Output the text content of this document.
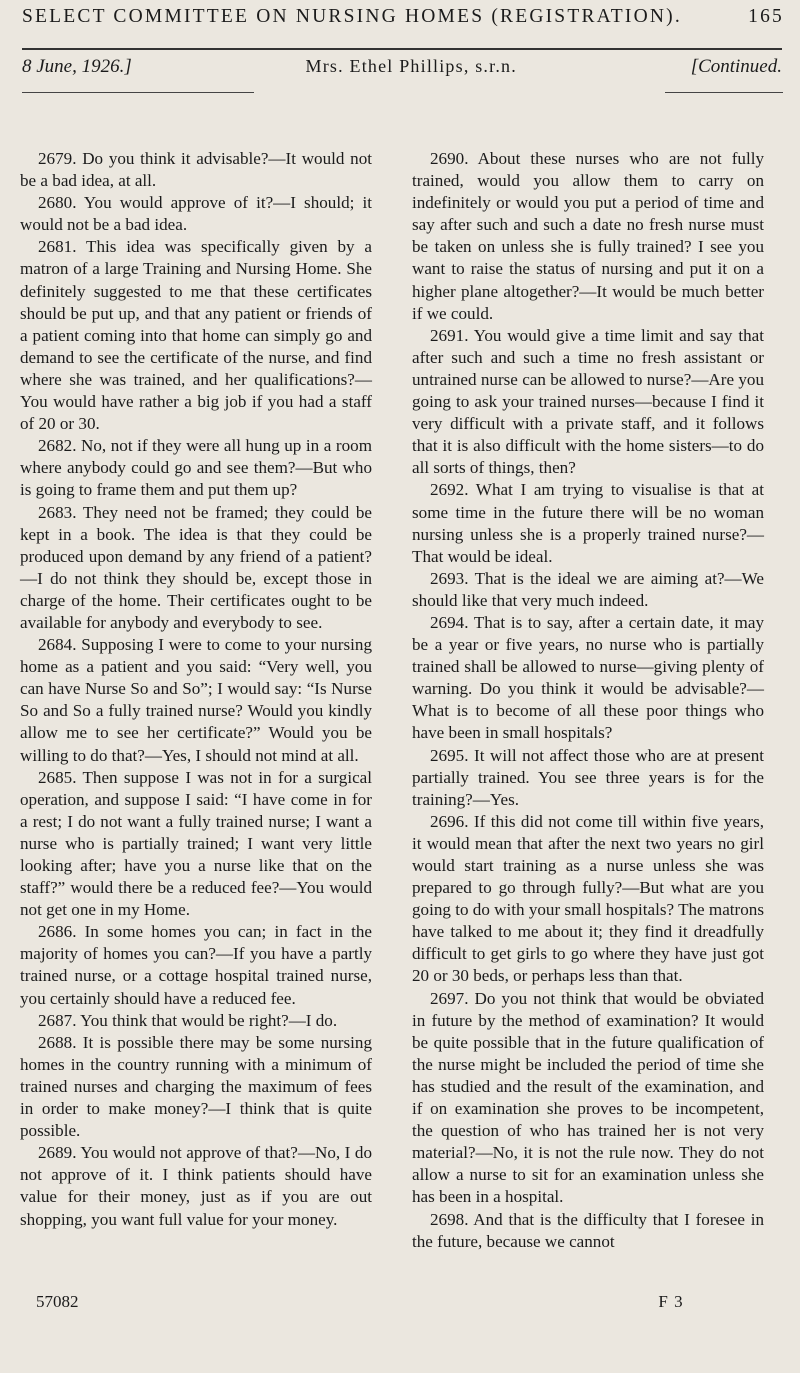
SELECT COMMITTEE ON NURSING HOMES (REGISTRATION).	165
8 June, 1926.]	Mrs. Ethel Phillips, s.r.n.	[Continued.

2679. Do you think it advisable?—It would not be a bad idea, at all.

2680. You would approve of it?—I should; it would not be a bad idea.

2681. This idea was specifically given by a matron of a large Training and Nursing Home. She definitely suggested to me that these certificates should be put up, and that any patient or friends of a patient coming into that home can simply go and demand to see the certificate of the nurse, and find where she was trained, and her qualifications?—You would have rather a big job if you had a staff of 20 or 30.

2682. No, not if they were all hung up in a room where anybody could go and see them?—But who is going to frame them and put them up?

2683. They need not be framed; they could be kept in a book. The idea is that they could be produced upon demand by any friend of a patient?—I do not think they should be, except those in charge of the home. Their certificates ought to be available for anybody and everybody to see.

2684. Supposing I were to come to your nursing home as a patient and you said: “Very well, you can have Nurse So and So”; I would say: “Is Nurse So and So a fully trained nurse? Would you kindly allow me to see her certificate?” Would you be willing to do that?—Yes, I should not mind at all.

2685. Then suppose I was not in for a surgical operation, and suppose I said: “I have come in for a rest; I do not want a fully trained nurse; I want a nurse who is partially trained; I want very little looking after; have you a nurse like that on the staff?” would there be a reduced fee?—You would not get one in my Home.

2686. In some homes you can; in fact in the majority of homes you can?—If you have a partly trained nurse, or a cottage hospital trained nurse, you certainly should have a reduced fee.

2687. You think that would be right?—I do.

2688. It is possible there may be some nursing homes in the country running with a minimum of trained nurses and charging the maximum of fees in order to make money?—I think that is quite possible.

2689. You would not approve of that?—No, I do not approve of it. I think patients should have value for their money, just as if you are out shopping, you want full value for your money.

2690. About these nurses who are not fully trained, would you allow them to carry on indefinitely or would you put a period of time and say after such and such a date no fresh nurse must be taken on unless she is fully trained? I see you want to raise the status of nursing and put it on a higher plane altogether?—It would be much better if we could.

2691. You would give a time limit and say that after such and such a time no fresh assistant or untrained nurse can be allowed to nurse?—Are you going to ask your trained nurses—because I find it very difficult with a private staff, and it follows that it is also difficult with the home sisters—to do all sorts of things, then?

2692. What I am trying to visualise is that at some time in the future there will be no woman nursing unless she is a properly trained nurse?—That would be ideal.

2693. That is the ideal we are aiming at?—We should like that very much indeed.

2694. That is to say, after a certain date, it may be a year or five years, no nurse who is partially trained shall be allowed to nurse—giving plenty of warning. Do you think it would be advisable?—What is to become of all these poor things who have been in small hospitals?

2695. It will not affect those who are at present partially trained. You see three years is for the training?—Yes.

2696. If this did not come till within five years, it would mean that after the next two years no girl would start training as a nurse unless she was prepared to go through fully?—But what are you going to do with your small hospitals? The matrons have talked to me about it; they find it dreadfully difficult to get girls to go where they have just got 20 or 30 beds, or perhaps less than that.

2697. Do you not think that would be obviated in future by the method of examination? It would be quite possible that in the future qualification of the nurse might be included the period of time she has studied and the result of the examination, and if on examination she proves to be incompetent, the question of who has trained her is not very material?—No, it is not the rule now. They do not allow a nurse to sit for an examination unless she has been in a hospital.

2698. And that is the difficulty that I foresee in the future, because we cannot

57082	F 3
